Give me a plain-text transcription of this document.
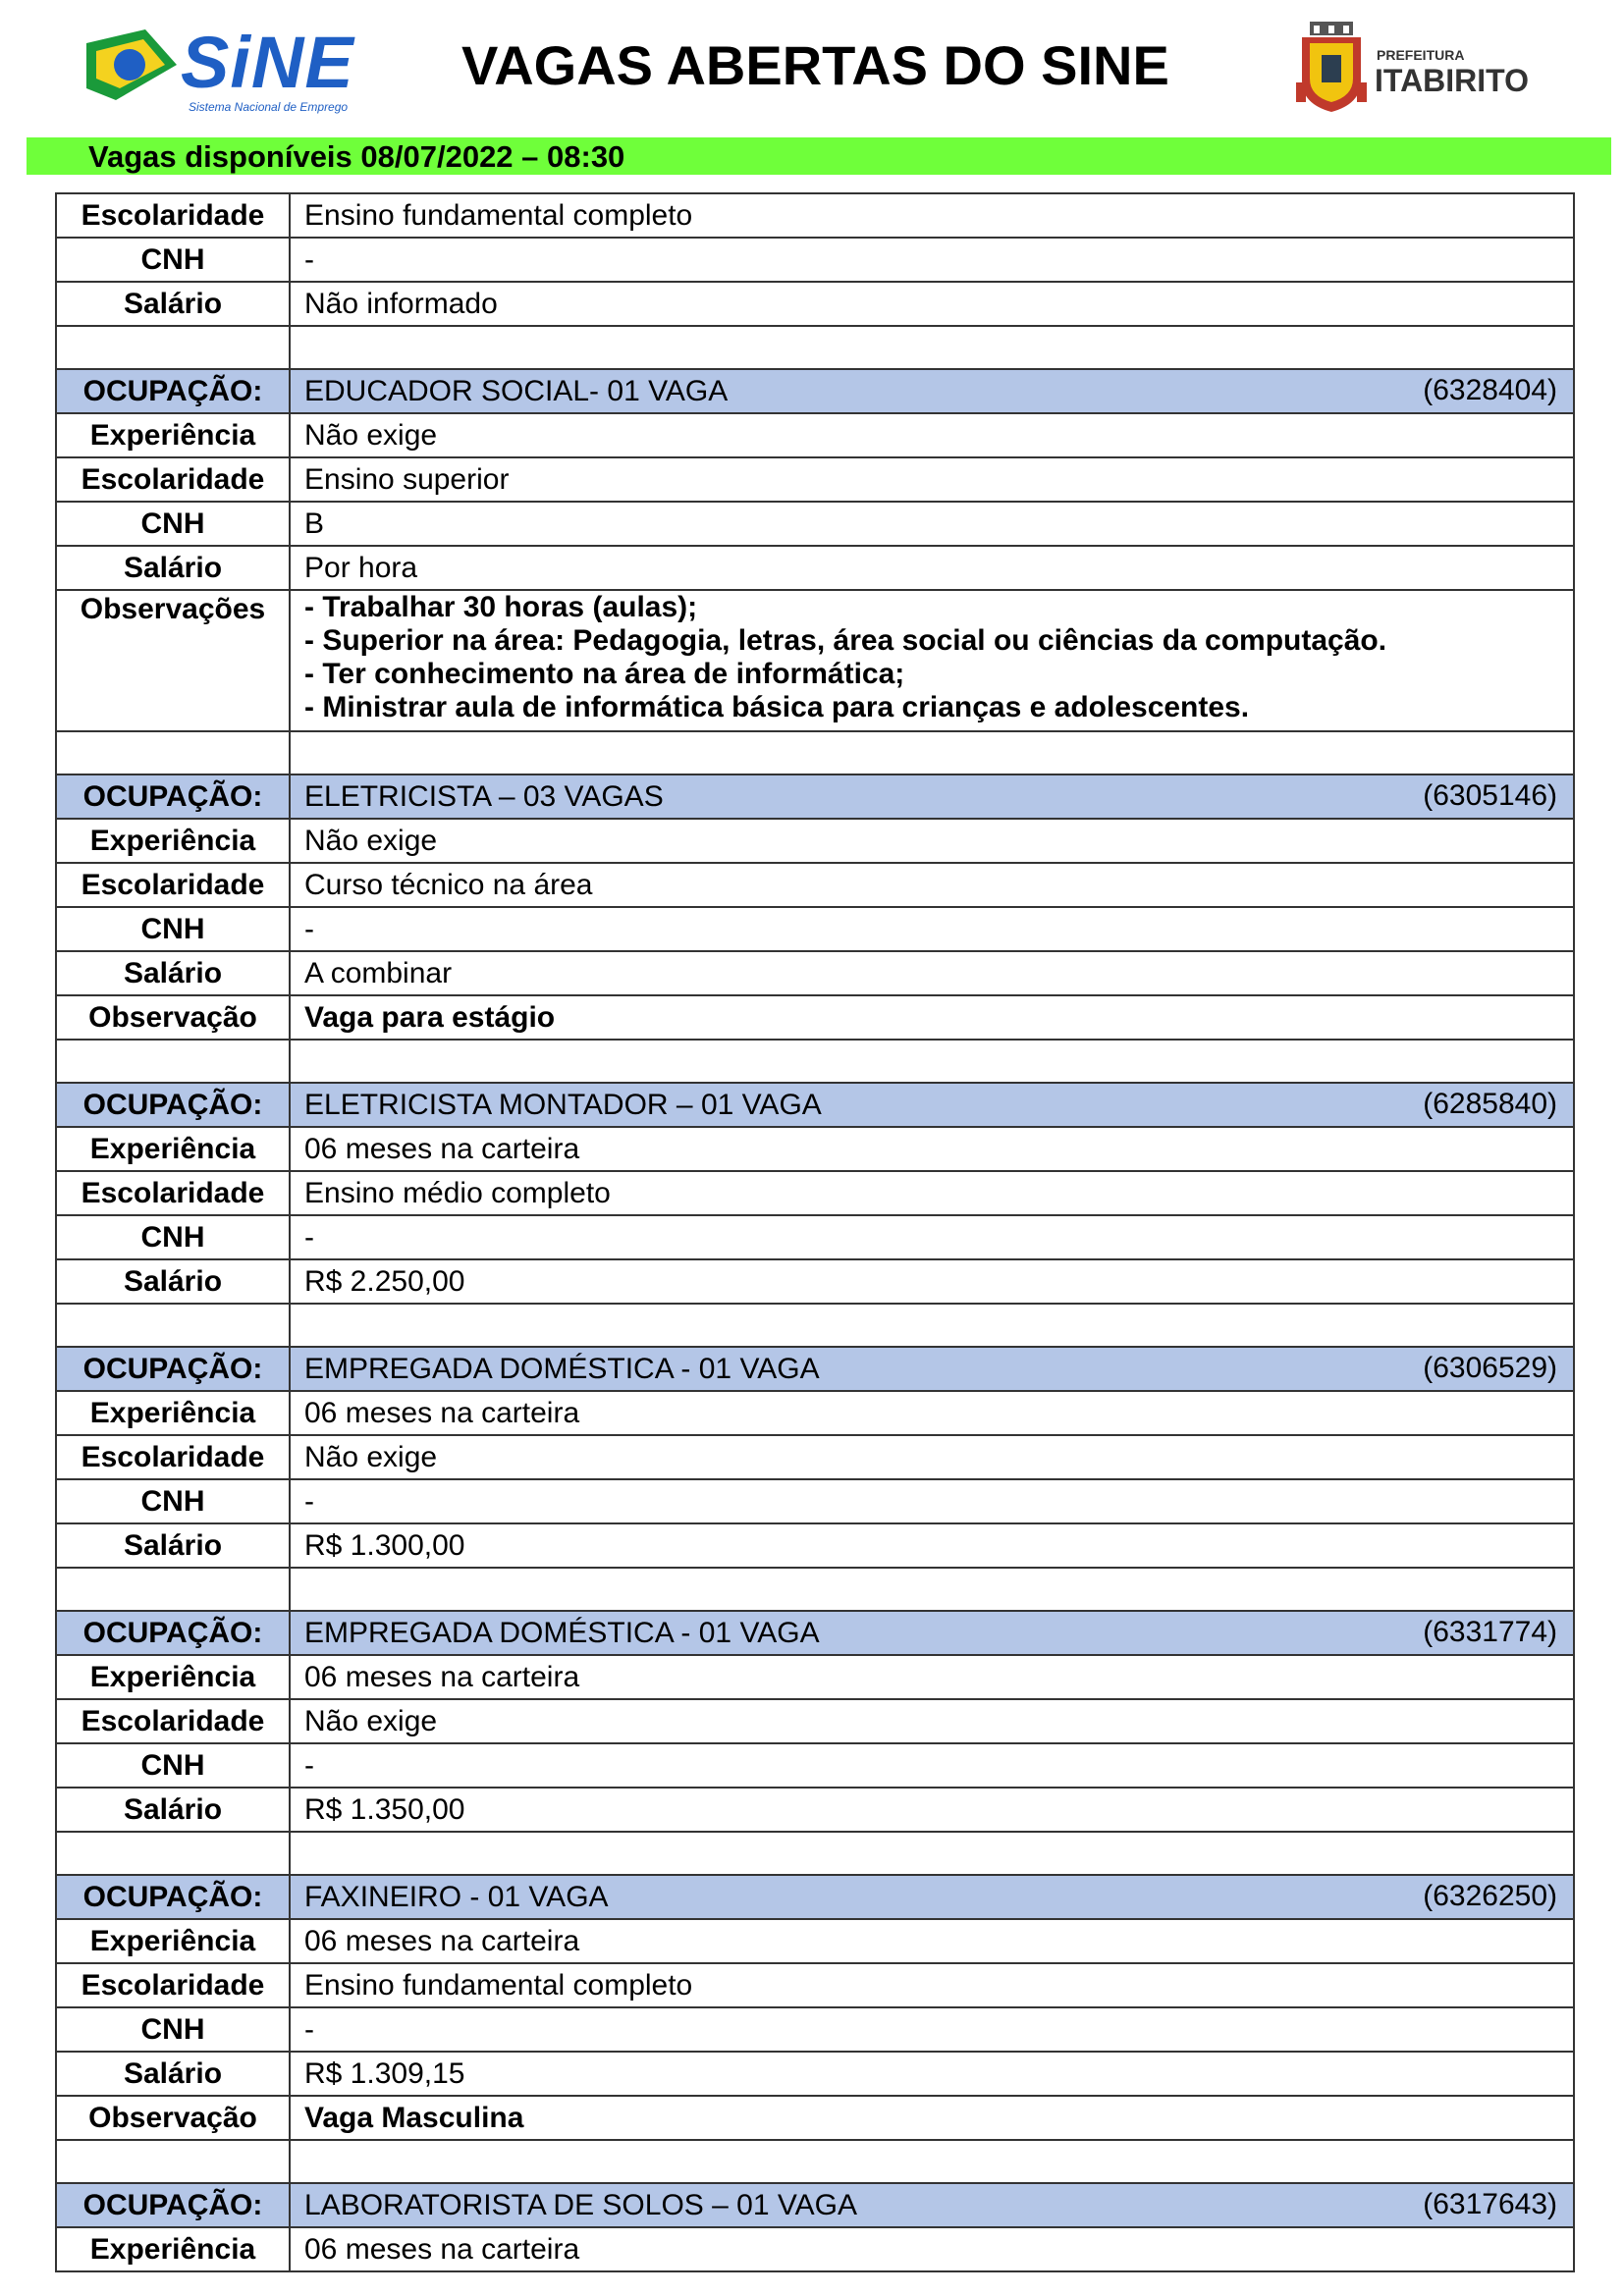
SiNE
Sistema Nacional de Emprego
VAGAS ABERTAS DO SINE	PREFEITURA
ITABIRITO
Vagas disponíveis 08/07/2022 – 08:30
Escolaridade	Ensino fundamental completo
CNH	-
Salário	Não informado

OCUPAÇÃO:	EDUCADOR SOCIAL- 01 VAGA (6328404)

Experiência	Não exige
Escolaridade	Ensino superior
CNH	B
Salário	Por hora
Observações	- Trabalhar 30 horas (aulas);
- Superior na área: Pedagogia, letras, área social ou ciências da computação.
- Ter conhecimento na área de informática;
- Ministrar aula de informática básica para crianças e adolescentes.

OCUPAÇÃO:	ELETRICISTA – 03 VAGAS (6305146)

Experiência	Não exige
Escolaridade	Curso técnico na área
CNH	-
Salário	A combinar
Observação	Vaga para estágio

OCUPAÇÃO:	ELETRICISTA MONTADOR – 01 VAGA (6285840)

Experiência	06 meses na carteira
Escolaridade	Ensino médio completo
CNH	-
Salário	R$ 2.250,00

OCUPAÇÃO:	EMPREGADA DOMÉSTICA - 01 VAGA (6306529)

Experiência	06 meses na carteira
Escolaridade	Não exige
CNH	-
Salário	R$ 1.300,00

OCUPAÇÃO:	EMPREGADA DOMÉSTICA - 01 VAGA (6331774)

Experiência	06 meses na carteira
Escolaridade	Não exige
CNH	-
Salário	R$ 1.350,00

OCUPAÇÃO:	FAXINEIRO - 01 VAGA (6326250)

Experiência	06 meses na carteira
Escolaridade	Ensino fundamental completo
CNH	-
Salário	R$ 1.309,15
Observação	Vaga Masculina

OCUPAÇÃO:	LABORATORISTA DE SOLOS – 01 VAGA (6317643)

Experiência	06 meses na carteira
